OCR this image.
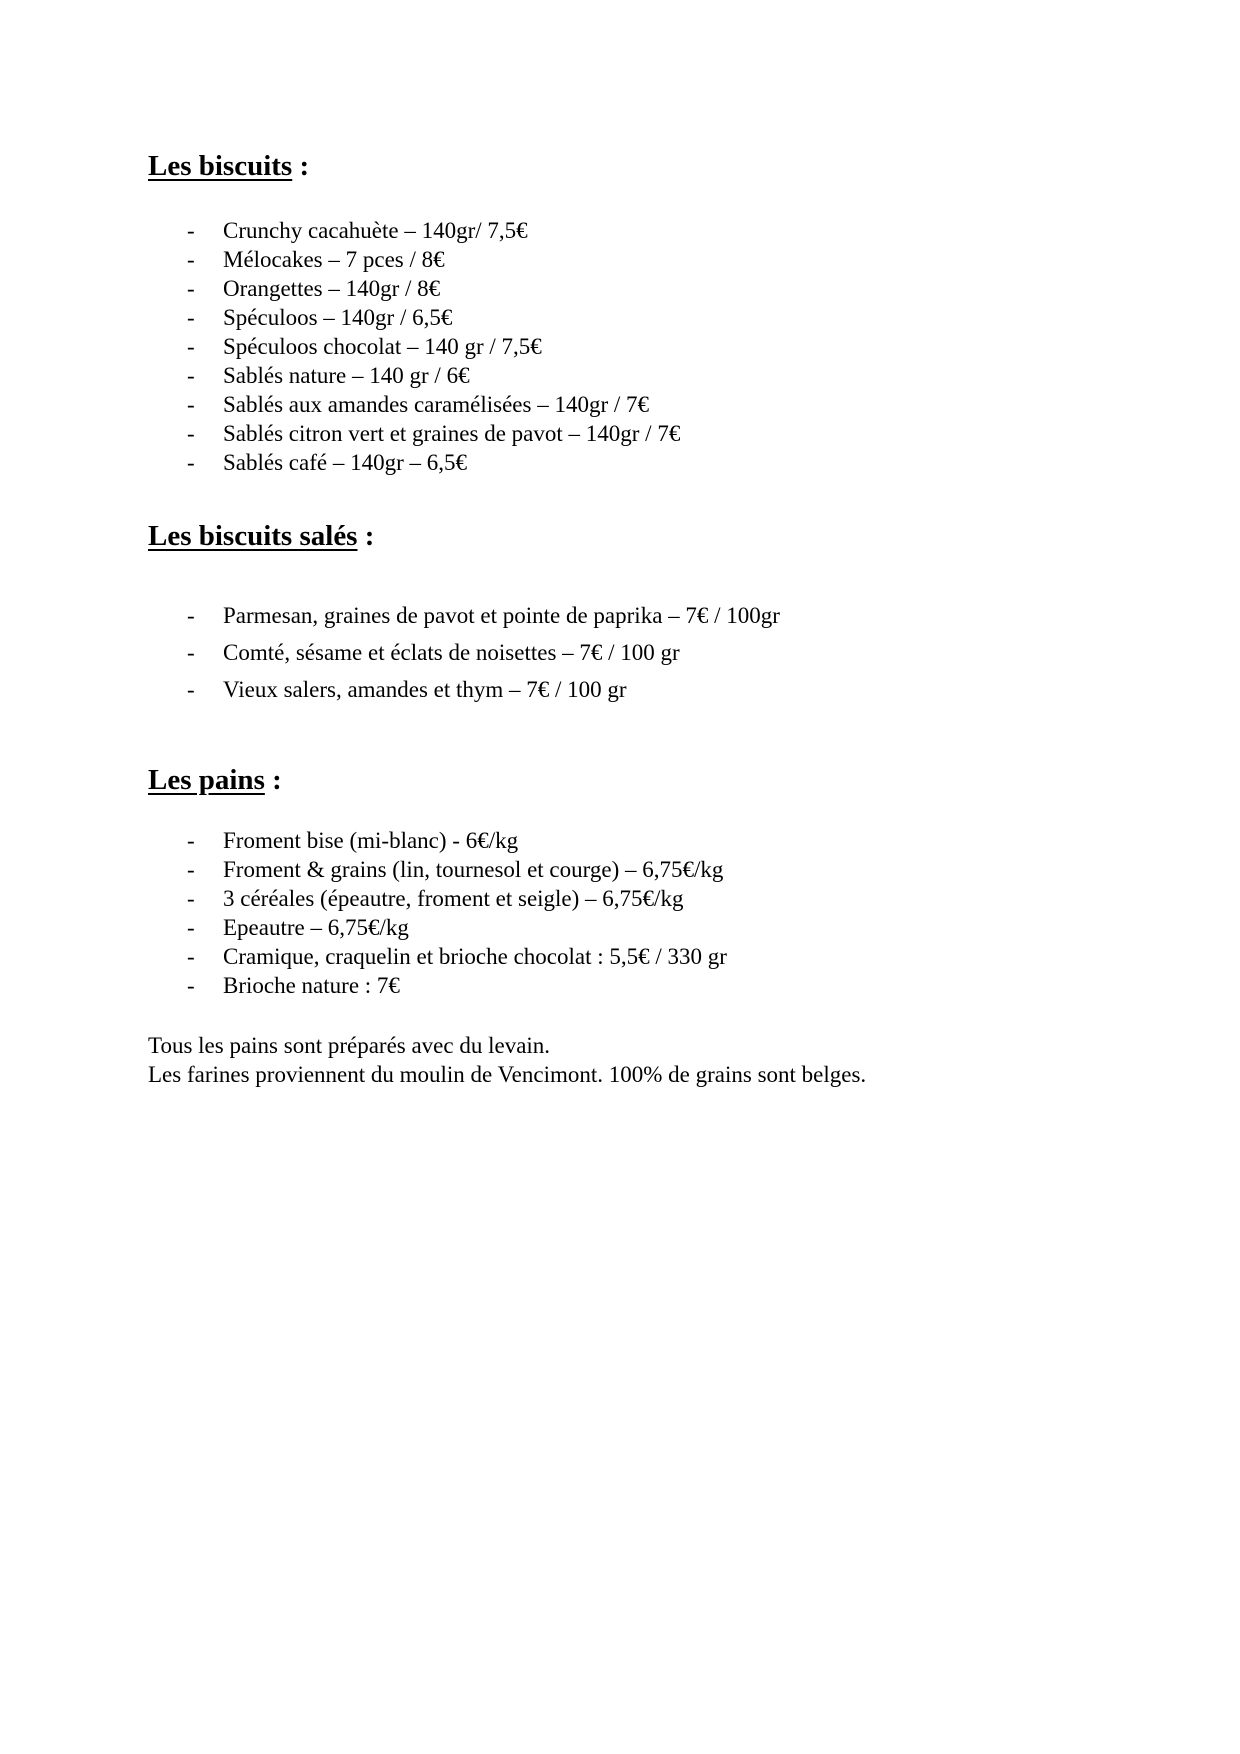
Les biscuits :
- Crunchy cacahuète – 140gr/ 7,5€
- Mélocakes – 7 pces / 8€
- Orangettes – 140gr / 8€
- Spéculoos – 140gr / 6,5€
- Spéculoos chocolat – 140 gr / 7,5€
- Sablés nature – 140 gr / 6€
- Sablés aux amandes caramélisées – 140gr / 7€
- Sablés citron vert et graines de pavot – 140gr / 7€
- Sablés café – 140gr – 6,5€
Les biscuits salés :
- Parmesan, graines de pavot et pointe de paprika – 7€ / 100gr
- Comté, sésame et éclats de noisettes – 7€ / 100 gr
- Vieux salers, amandes et thym – 7€ / 100 gr
Les pains :
- Froment bise (mi-blanc) - 6€/kg
- Froment & grains (lin, tournesol et courge) – 6,75€/kg
- 3 céréales (épeautre, froment et seigle) – 6,75€/kg
- Epeautre – 6,75€/kg
- Cramique, craquelin et brioche chocolat : 5,5€ / 330 gr
- Brioche nature : 7€
Tous les pains sont préparés avec du levain.
Les farines proviennent du moulin de Vencimont. 100% de grains sont belges.
